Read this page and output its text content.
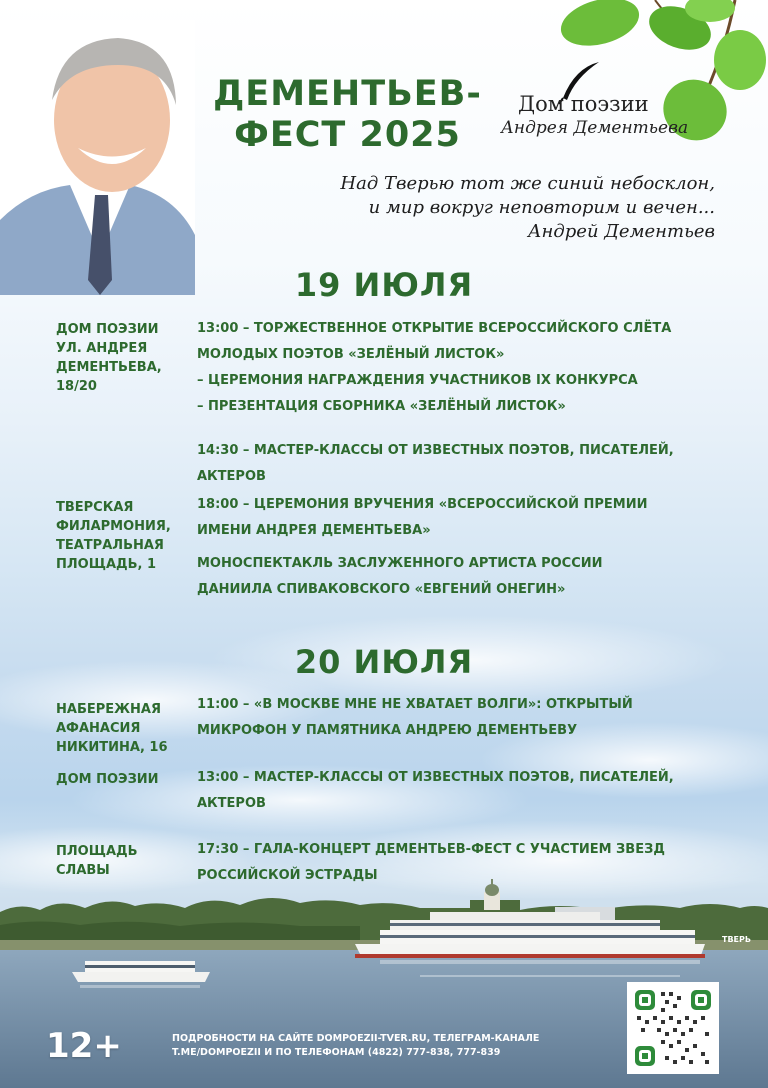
ДЕМЕНТЬЕВ-
ФЕСТ 2025
Дом поэзии
Андрея Дементьева
Над Тверью тот же синий небосклон,
и мир вокруг неповторим и вечен...
Андрей Дементьев
19 ИЮЛЯ
ДОМ ПОЭЗИИ
УЛ. АНДРЕЯ
ДЕМЕНТЬЕВА,
18/20
13:00 – ТОРЖЕСТВЕННОЕ ОТКРЫТИЕ ВСЕРОССИЙСКОГО СЛЁТА
МОЛОДЫХ ПОЭТОВ «ЗЕЛЁНЫЙ ЛИСТОК»
– ЦЕРЕМОНИЯ НАГРАЖДЕНИЯ УЧАСТНИКОВ IX КОНКУРСА
– ПРЕЗЕНТАЦИЯ СБОРНИКА «ЗЕЛЁНЫЙ ЛИСТОК»
14:30 – МАСТЕР-КЛАССЫ ОТ ИЗВЕСТНЫХ ПОЭТОВ, ПИСАТЕЛЕЙ,
АКТЕРОВ
ТВЕРСКАЯ
ФИЛАРМОНИЯ,
ТЕАТРАЛЬНАЯ
ПЛОЩАДЬ, 1
18:00 – ЦЕРЕМОНИЯ ВРУЧЕНИЯ «ВСЕРОССИЙСКОЙ ПРЕМИИ
ИМЕНИ АНДРЕЯ ДЕМЕНТЬЕВА»
МОНОСПЕКТАКЛЬ ЗАСЛУЖЕННОГО АРТИСТА РОССИИ
ДАНИИЛА СПИВАКОВСКОГО «ЕВГЕНИЙ ОНЕГИН»
20 ИЮЛЯ
НАБЕРЕЖНАЯ
АФАНАСИЯ
НИКИТИНА, 16
11:00 – «В МОСКВЕ МНЕ НЕ ХВАТАЕТ ВОЛГИ»: ОТКРЫТЫЙ
МИКРОФОН У ПАМЯТНИКА АНДРЕЮ ДЕМЕНТЬЕВУ
ДОМ ПОЭЗИИ	13:00 – МАСТЕР-КЛАССЫ ОТ ИЗВЕСТНЫХ ПОЭТОВ, ПИСАТЕЛЕЙ,
АКТЕРОВ
ПЛОЩАДЬ
СЛАВЫ
17:30 – ГАЛА-КОНЦЕРТ ДЕМЕНТЬЕВ-ФЕСТ С УЧАСТИЕМ ЗВЕЗД
РОССИЙСКОЙ ЭСТРАДЫ
ТВЕРЬ
12+	ПОДРОБНОСТИ НА САЙТЕ DOMPOEZII-TVER.RU, ТЕЛЕГРАМ-КАНАЛЕ
T.ME/DOMPOEZII И ПО ТЕЛЕФОНАМ (4822) 777-838, 777-839
